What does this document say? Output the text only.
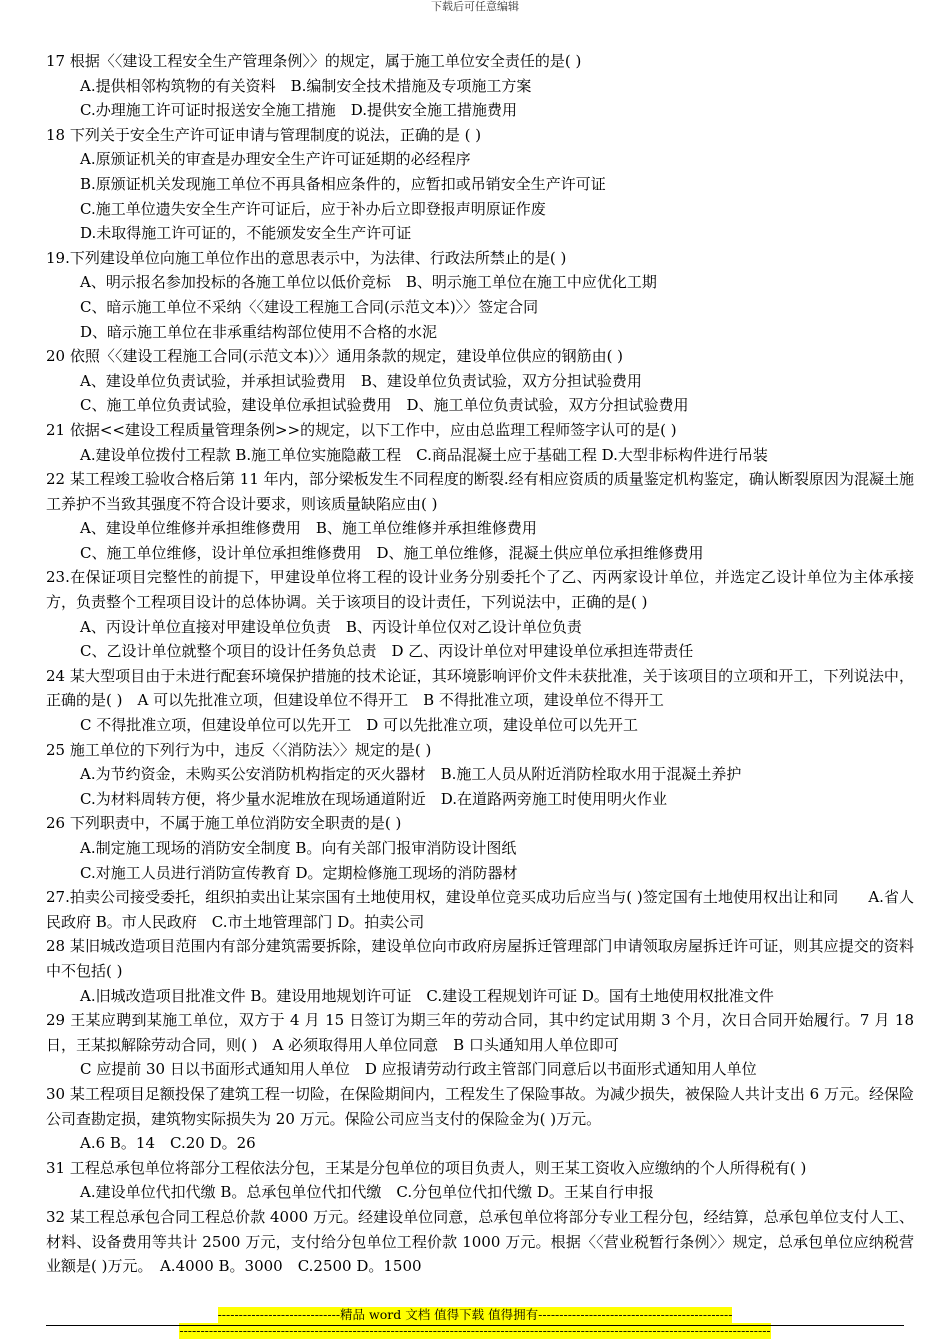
下载后可任意编辑

17 根据〈〈建设工程安全生产管理条例〉〉的规定，属于施工单位安全责任的是( )

A.提供相邻构筑物的有关资料　B.编制安全技术措施及专项施工方案

C.办理施工许可证时报送安全施工措施　D.提供安全施工措施费用

18 下列关于安全生产许可证申请与管理制度的说法，正确的是 ( )

A.原颁证机关的审查是办理安全生产许可证延期的必经程序

B.原颁证机关发现施工单位不再具备相应条件的，应暂扣或吊销安全生产许可证

C.施工单位遗失安全生产许可证后，应于补办后立即登报声明原证作废

D.未取得施工许可证的，不能颁发安全生产许可证

19.下列建设单位向施工单位作出的意思表示中，为法律、行政法所禁止的是( )

A、明示报名参加投标的各施工单位以低价竞标　B、明示施工单位在施工中应优化工期

C、暗示施工单位不采纳〈〈建设工程施工合同(示范文本)〉〉签定合同

D、暗示施工单位在非承重结构部位使用不合格的水泥

20 依照〈〈建设工程施工合同(示范文本)〉〉通用条款的规定，建设单位供应的钢筋由( )

A、建设单位负责试验，并承担试验费用　B、建设单位负责试验，双方分担试验费用

C、施工单位负责试验，建设单位承担试验费用　D、施工单位负责试验，双方分担试验费用

21 依据<<建设工程质量管理条例>>的规定，以下工作中，应由总监理工程师签字认可的是( )

A.建设单位拨付工程款 B.施工单位实施隐蔽工程　C.商品混凝土应于基础工程 D.大型非标构件进行吊装

22 某工程竣工验收合格后第 11 年内，部分梁板发生不同程度的断裂.经有相应资质的质量鉴定机构鉴定，确认断裂原因为混凝土施工养护不当致其强度不符合设计要求，则该质量缺陷应由( )

A、建设单位维修并承担维修费用　B、施工单位维修并承担维修费用

C、施工单位维修，设计单位承担维修费用　D、施工单位维修，混凝土供应单位承担维修费用

23.在保证项目完整性的前提下，甲建设单位将工程的设计业务分别委托个了乙、丙两家设计单位，并选定乙设计单位为主体承接方，负责整个工程项目设计的总体协调。关于该项目的设计责任，下列说法中，正确的是( )

A、丙设计单位直接对甲建设单位负责　B、丙设计单位仅对乙设计单位负责

C、乙设计单位就整个项目的设计任务负总责　D 乙、丙设计单位对甲建设单位承担连带责任

24 某大型项目由于未进行配套环境保护措施的技术论证，其环境影响评价文件未获批准，关于该项目的立项和开工，下列说法中，正确的是( )　A 可以先批准立项，但建设单位不得开工　B 不得批准立项，建设单位不得开工

C 不得批准立项，但建设单位可以先开工　D 可以先批准立项，建设单位可以先开工

25 施工单位的下列行为中，违反〈〈消防法〉〉规定的是( )

A.为节约资金，未购买公安消防机构指定的灭火器材　B.施工人员从附近消防栓取水用于混凝土养护

C.为材料周转方便，将少量水泥堆放在现场通道附近　D.在道路两旁施工时使用明火作业

26 下列职责中，不属于施工单位消防安全职责的是( )

A.制定施工现场的消防安全制度 B。向有关部门报审消防设计图纸

C.对施工人员进行消防宣传教育 D。定期检修施工现场的消防器材

27.拍卖公司接受委托，组织拍卖出让某宗国有土地使用权，建设单位竞买成功后应当与( )签定国有土地使用权出让和同　　A.省人民政府 B。市人民政府　C.市土地管理部门 D。拍卖公司

28 某旧城改造项目范围内有部分建筑需要拆除，建设单位向市政府房屋拆迁管理部门申请领取房屋拆迁许可证，则其应提交的资料中不包括( )

A.旧城改造项目批准文件 B。建设用地规划许可证　C.建设工程规划许可证 D。国有土地使用权批准文件

29 王某应聘到某施工单位，双方于 4 月 15 日签订为期三年的劳动合同，其中约定试用期 3 个月，次日合同开始履行。7 月 18 日，王某拟解除劳动合同，则( )　A 必须取得用人单位同意　B 口头通知用人单位即可

C 应提前 30 日以书面形式通知用人单位　D 应报请劳动行政主管部门同意后以书面形式通知用人单位

30 某工程项目足额投保了建筑工程一切险，在保险期间内，工程发生了保险事故。为减少损失，被保险人共计支出 6 万元。经保险公司查勘定损，建筑物实际损失为 20 万元。保险公司应当支付的保险金为( )万元。

A.6 B。14　C.20 D。26

31 工程总承包单位将部分工程依法分包，王某是分包单位的项目负责人，则王某工资收入应缴纳的个人所得税有( )

A.建设单位代扣代缴 B。总承包单位代扣代缴　C.分包单位代扣代缴 D。王某自行申报

32 某工程总承包合同工程总价款 4000 万元。经建设单位同意，总承包单位将部分专业工程分包，经结算，总承包单位支付人工、材料、设备费用等共计 2500 万元，支付给分包单位工程价款 1000 万元。根据〈〈营业税暂行条例〉〉规定，总承包单位应纳税营业额是( )万元。　A.4000 B。3000　C.2500 D。1500

-----------------------------精品 word 文档 值得下载 值得拥有----------------------------------------------
--------------------------------------------------------------------------------------------------------------------------------------------
